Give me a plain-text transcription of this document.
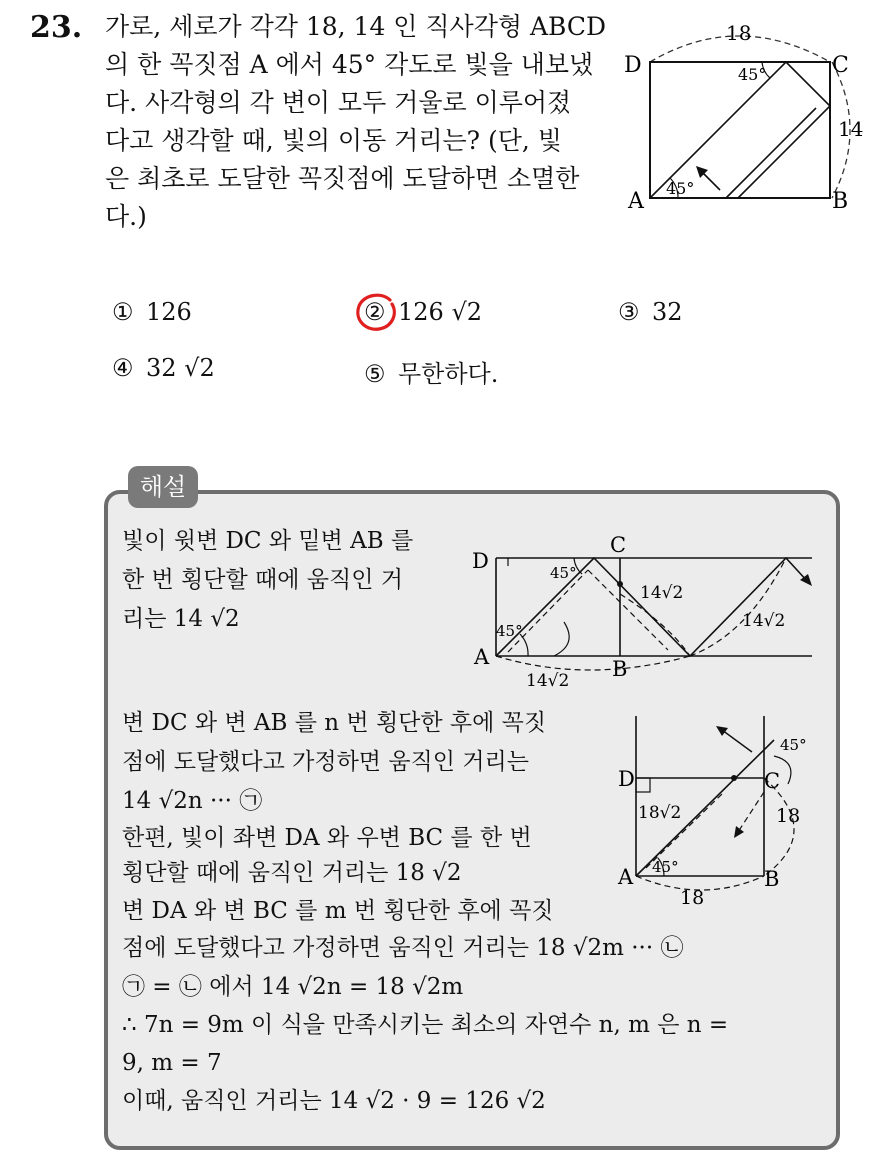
23. 가로, 세로가 각각 18, 14 인 직사각형 ABCD
의 한 꼭짓점 A 에서 45° 각도로 빛을 내보냈
다. 사각형의 각 변이 모두 거울로 이루어졌
다고 생각할 때, 빛의 이동 거리는? (단, 빛
은 최초로 도달한 꼭짓점에 도달하면 소멸한
다.)
D	C
A	B
18
14
45°
45°
① 126	② 126 √2	③ 32
④ 32 √2	⑤ 무한하다.
해설
빛이 윗변 DC 와 밑변 AB 를
한 번 횡단할 때에 움직인 거
리는 14 √2
D
C
A	B
45°
45°
14√2
14√2
14√2
변 DC 와 변 AB 를 n 번 횡단한 후에 꼭짓
점에 도달했다고 가정하면 움직인 거리는
14 √2n ··· ㉠
한편, 빛이 좌변 DA 와 우변 BC 를 한 번
횡단할 때에 움직인 거리는 18 √2
변 DA 와 변 BC 를 m 번 횡단한 후에 꼭짓
점에 도달했다고 가정하면 움직인 거리는 18 √2m ··· ㉡
㉠ = ㉡ 에서 14 √2n = 18 √2m
∴ 7n = 9m 이 식을 만족시키는 최소의 자연수 n, m 은 n =
9, m = 7
이때, 움직인 거리는 14 √2 · 9 = 126 √2
D	C
A	B
45°
45°
18√2	18
18
